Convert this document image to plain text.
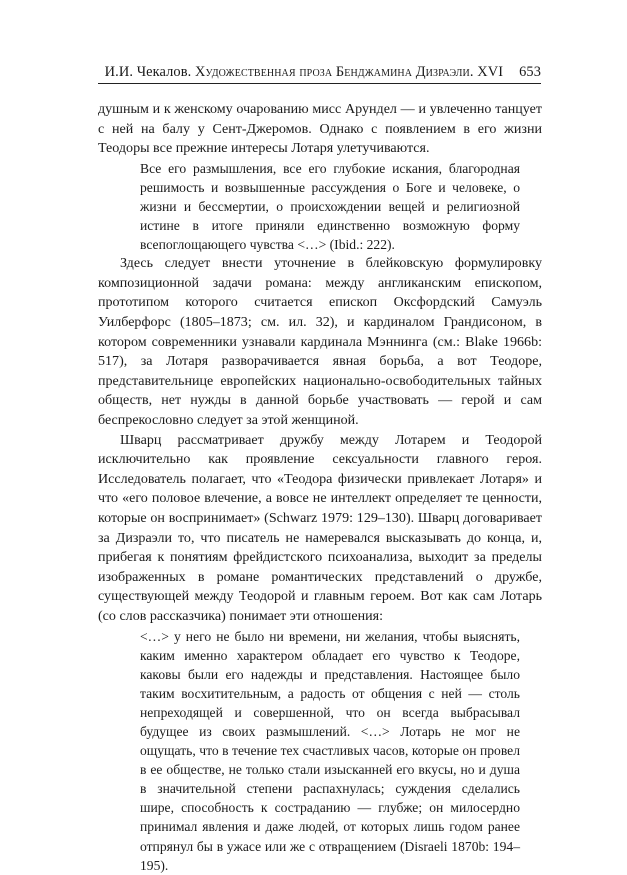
И.И. Чекалов. Художественная проза Бенджамина Дизраэли. XVI 653

душным и к женскому очарованию мисс Арундел — и увлеченно танцует с ней на балу у Сент-Джеромов. Однако с появлением в его жизни Теодоры все прежние интересы Лотаря улетучиваются.

Все его размышления, все его глубокие искания, благородная решимость и возвышенные рассуждения о Боге и человеке, о жизни и бессмертии, о происхождении вещей и религиозной истине в итоге приняли единственно возможную форму всепоглощающего чувства <…> (Ibid.: 222).

Здесь следует внести уточнение в блейковскую формулировку композиционной задачи романа: между англиканским епископом, прототипом которого считается епископ Оксфордский Самуэль Уилберфорс (1805–1873; см. ил. 32), и кардиналом Грандисоном, в котором современники узнавали кардинала Мэннинга (см.: Blake 1966b: 517), за Лотаря разворачивается явная борьба, а вот Теодоре, представительнице европейских национально-освободительных тайных обществ, нет нужды в данной борьбе участвовать — герой и сам беспрекословно следует за этой женщиной.

Шварц рассматривает дружбу между Лотарем и Теодорой исключительно как проявление сексуальности главного героя. Исследователь полагает, что «Теодора физически привлекает Лотаря» и что «его половое влечение, а вовсе не интеллект определяет те ценности, которые он воспринимает» (Schwarz 1979: 129–130). Шварц договаривает за Дизраэли то, что писатель не намеревался высказывать до конца, и, прибегая к понятиям фрейдистского психоанализа, выходит за пределы изображенных в романе романтических представлений о дружбе, существующей между Теодорой и главным героем. Вот как сам Лотарь (со слов рассказчика) понимает эти отношения:

<…> у него не было ни времени, ни желания, чтобы выяснять, каким именно характером обладает его чувство к Теодоре, каковы были его надежды и представления. Настоящее было таким восхитительным, а радость от общения с ней — столь непреходящей и совершенной, что он всегда выбрасывал будущее из своих размышлений. <…> Лотарь не мог не ощущать, что в течение тех счастливых часов, которые он провел в ее обществе, не только стали изысканней его вкусы, но и душа в значительной степени распахнулась; суждения сделались шире, способность к состраданию — глубже; он милосердно принимал явления и даже людей, от которых лишь годом ранее отпрянул бы в ужасе или же с отвращением (Disraeli 1870b: 194–195).
